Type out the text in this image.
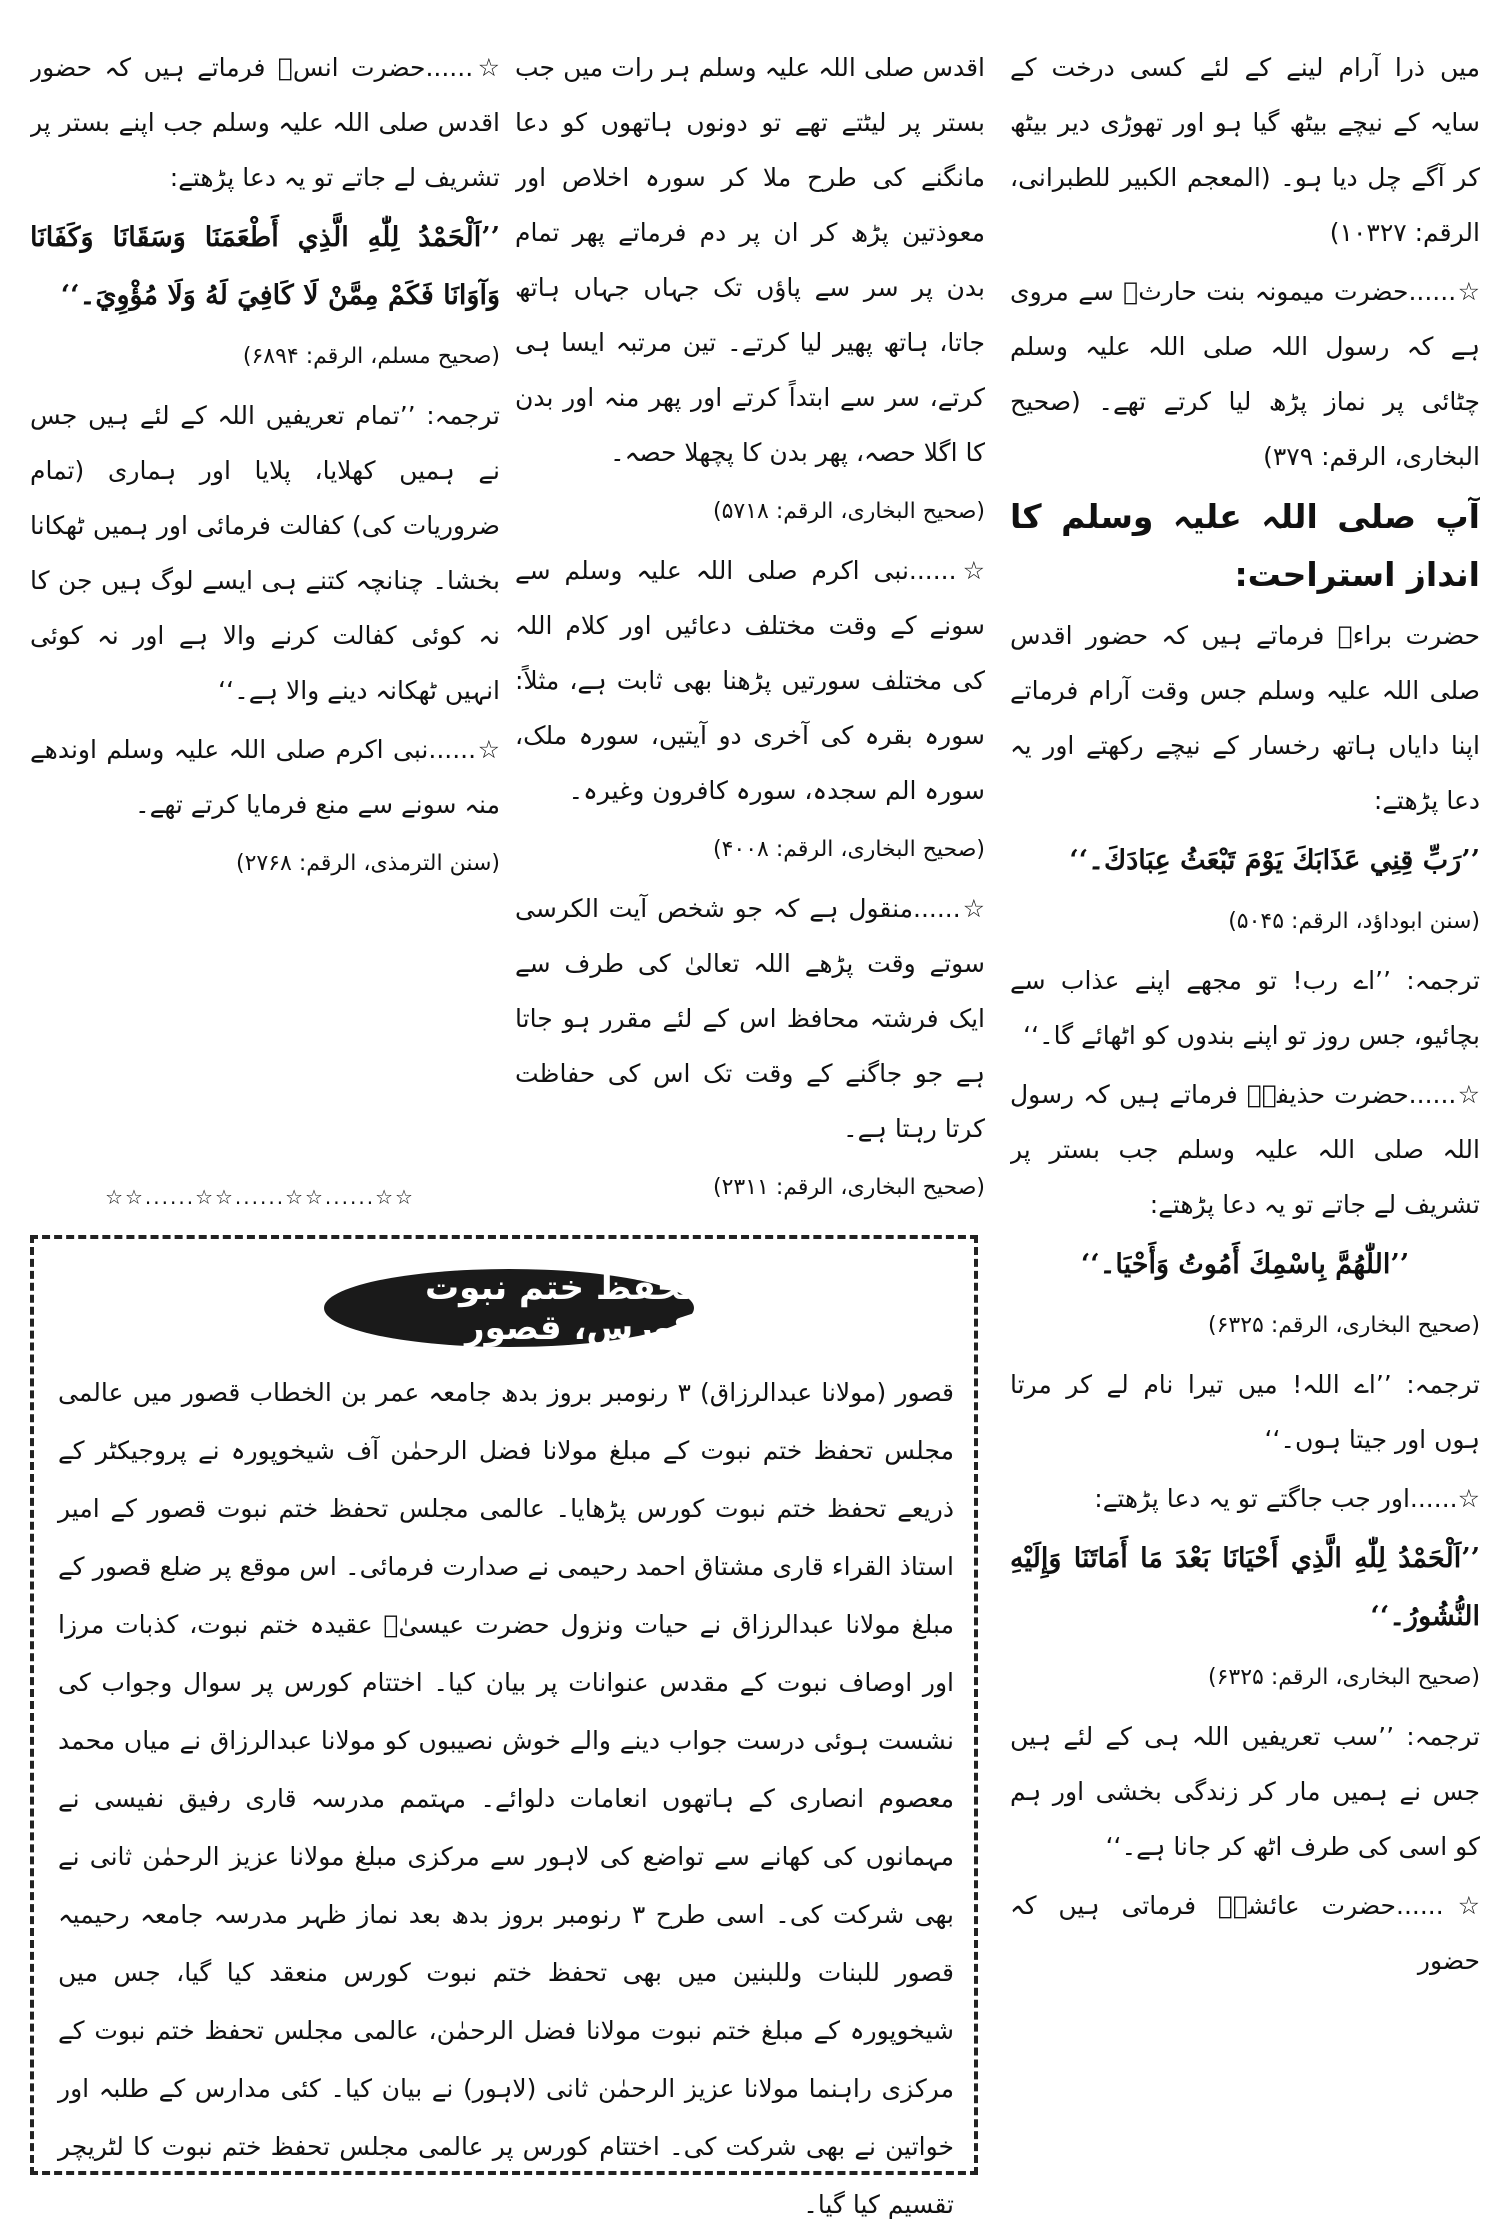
میں ذرا آرام لینے کے لئے کسی درخت کے سایہ کے نیچے بیٹھ گیا ہو اور تھوڑی دیر بیٹھ کر آگے چل دیا ہو۔ (المعجم الکبیر للطبرانی، الرقم: ۱۰۳۲۷)

☆......حضرت میمونہ بنت حارثؓ سے مروی ہے کہ رسول اللہ صلی اللہ علیہ وسلم چٹائی پر نماز پڑھ لیا کرتے تھے۔ (صحیح البخاری، الرقم: ۳۷۹)

آپ صلی اللہ علیہ وسلم کا انداز استراحت:

حضرت براءؓ فرماتے ہیں کہ حضور اقدس صلی اللہ علیہ وسلم جس وقت آرام فرماتے اپنا دایاں ہاتھ رخسار کے نیچے رکھتے اور یہ دعا پڑھتے:

’’رَبِّ قِنِي عَذَابَكَ يَوْمَ تَبْعَثُ عِبَادَكَ۔‘‘

(سنن ابوداؤد، الرقم: ۵۰۴۵)

ترجمہ: ’’اے رب! تو مجھے اپنے عذاب سے بچائیو، جس روز تو اپنے بندوں کو اٹھائے گا۔‘‘

☆......حضرت حذیفہؓ فرماتے ہیں کہ رسول اللہ صلی اللہ علیہ وسلم جب بستر پر تشریف لے جاتے تو یہ دعا پڑھتے:

’’اللّٰهُمَّ بِاسْمِكَ أَمُوتُ وَأَحْيَا۔‘‘

(صحیح البخاری، الرقم: ۶۳۲۵)

ترجمہ: ’’اے اللہ! میں تیرا نام لے کر مرتا ہوں اور جیتا ہوں۔‘‘

☆......اور جب جاگتے تو یہ دعا پڑھتے:

’’اَلْحَمْدُ لِلّٰهِ الَّذِي أَحْيَانَا بَعْدَ مَا أَمَاتَنَا وَإِلَيْهِ النُّشُورُ۔‘‘

(صحیح البخاری، الرقم: ۶۳۲۵)

ترجمہ: ’’سب تعریفیں اللہ ہی کے لئے ہیں جس نے ہمیں مار کر زندگی بخشی اور ہم کو اسی کی طرف اٹھ کر جانا ہے۔‘‘

☆......حضرت عائشہؓ فرماتی ہیں کہ حضور

اقدس صلی اللہ علیہ وسلم ہر رات میں جب بستر پر لیٹتے تھے تو دونوں ہاتھوں کو دعا مانگنے کی طرح ملا کر سورہ اخلاص اور معوذتین پڑھ کر ان پر دم فرماتے پھر تمام بدن پر سر سے پاؤں تک جہاں جہاں ہاتھ جاتا، ہاتھ پھیر لیا کرتے۔ تین مرتبہ ایسا ہی کرتے، سر سے ابتداً کرتے اور پھر منہ اور بدن کا اگلا حصہ، پھر بدن کا پچھلا حصہ۔

(صحیح البخاری، الرقم: ۵۷۱۸)

☆......نبی اکرم صلی اللہ علیہ وسلم سے سونے کے وقت مختلف دعائیں اور کلام اللہ کی مختلف سورتیں پڑھنا بھی ثابت ہے، مثلاً: سورہ بقرہ کی آخری دو آیتیں، سورہ ملک، سورہ الم سجدہ، سورہ کافرون وغیرہ۔

(صحیح البخاری، الرقم: ۴۰۰۸)

☆......منقول ہے کہ جو شخص آیت الکرسی سوتے وقت پڑھے اللہ تعالیٰ کی طرف سے ایک فرشتہ محافظ اس کے لئے مقرر ہو جاتا ہے جو جاگنے کے وقت تک اس کی حفاظت کرتا رہتا ہے۔

(صحیح البخاری، الرقم: ۲۳۱۱)

☆......حضرت انسؓ فرماتے ہیں کہ حضور اقدس صلی اللہ علیہ وسلم جب اپنے بستر پر تشریف لے جاتے تو یہ دعا پڑھتے:

’’اَلْحَمْدُ لِلّٰهِ الَّذِي أَطْعَمَنَا وَسَقَانَا وَكَفَانَا وَآوَانَا فَكَمْ مِمَّنْ لَا كَافِيَ لَهُ وَلَا مُؤْوِيَ۔‘‘

(صحیح مسلم، الرقم: ۶۸۹۴)

ترجمہ: ’’تمام تعریفیں اللہ کے لئے ہیں جس نے ہمیں کھلایا، پلایا اور ہماری (تمام ضروریات کی) کفالت فرمائی اور ہمیں ٹھکانا بخشا۔ چنانچہ کتنے ہی ایسے لوگ ہیں جن کا نہ کوئی کفالت کرنے والا ہے اور نہ کوئی انہیں ٹھکانہ دینے والا ہے۔‘‘

☆......نبی اکرم صلی اللہ علیہ وسلم اوندھے منہ سونے سے منع فرمایا کرتے تھے۔

(سنن الترمذی، الرقم: ۲۷۶۸)

☆☆......☆☆......☆☆......☆☆
تحفظ ختم نبوت کورس، قصور
قصور (مولانا عبدالرزاق) ۳ رنومبر بروز بدھ جامعہ عمر بن الخطاب قصور میں عالمی مجلس تحفظ ختم نبوت کے مبلغ مولانا فضل الرحمٰن آف شیخوپورہ نے پروجیکٹر کے ذریعے تحفظ ختم نبوت کورس پڑھایا۔ عالمی مجلس تحفظ ختم نبوت قصور کے امیر استاذ القراء قاری مشتاق احمد رحیمی نے صدارت فرمائی۔ اس موقع پر ضلع قصور کے مبلغ مولانا عبدالرزاق نے حیات ونزول حضرت عیسیٰؑ عقیدہ ختم نبوت، کذبات مرزا اور اوصاف نبوت کے مقدس عنوانات پر بیان کیا۔ اختتام کورس پر سوال وجواب کی نشست ہوئی درست جواب دینے والے خوش نصیبوں کو مولانا عبدالرزاق نے میاں محمد معصوم انصاری کے ہاتھوں انعامات دلوائے۔ مہتمم مدرسہ قاری رفیق نفیسی نے مہمانوں کی کھانے سے تواضع کی لاہور سے مرکزی مبلغ مولانا عزیز الرحمٰن ثانی نے بھی شرکت کی۔ اسی طرح ۳ رنومبر بروز بدھ بعد نماز ظہر مدرسہ جامعہ رحیمیہ قصور للبنات وللبنین میں بھی تحفظ ختم نبوت کورس منعقد کیا گیا، جس میں شیخوپورہ کے مبلغ ختم نبوت مولانا فضل الرحمٰن، عالمی مجلس تحفظ ختم نبوت کے مرکزی راہنما مولانا عزیز الرحمٰن ثانی (لاہور) نے بیان کیا۔ کئی مدارس کے طلبہ اور خواتین نے بھی شرکت کی۔ اختتام کورس پر عالمی مجلس تحفظ ختم نبوت کا لٹریچر تقسیم کیا گیا۔
